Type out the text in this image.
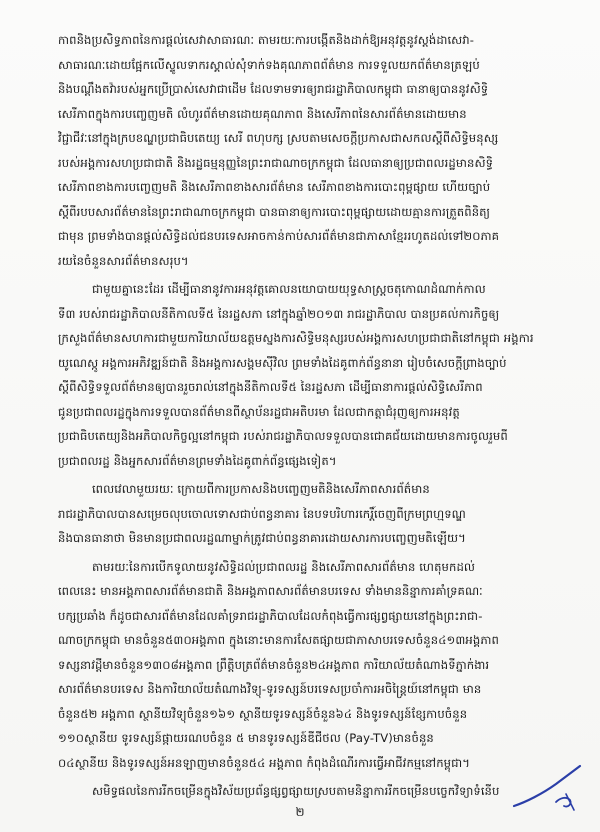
កាពនិងប្រសិទ្ធភាពនៃការផ្តល់សេវាសាធារណៈ តាមរយៈការបង្កើតនិងដាក់ឱ្យអនុវត្តនូវស្តង់ដាសេវា-
សាធារណៈដោយផ្អែកលើស្ទូលទាករស្គាល់សុំទាក់ទងគុណភាពព័ត៌មាន ការទទួលយកព័ត៌មានត្រឡប់
និងបណ្តឹងតវ៉ារបស់អ្នកប្រើប្រាស់សេវាជាដើម ដែលទាមទារឲ្យរាជរដ្ឋាភិបាលកម្ពុជា ធានាឲ្យបាននូវសិទ្ធិ
សេរីភាពក្នុងការបញ្ចេញមតិ លំហូរព័ត៌មានដោយគុណភាព និងសេរីភាពនៃសារព័ត៌មានដោយមាន
វិជ្ជាជីវៈនៅក្នុងក្របខណ្ឌប្រជាធិបតេយ្យ សេរី ពហុបក្ស ស្របតាមសេចក្តីប្រកាសជាសកលស្តីពីសិទ្ធិមនុស្ស
របស់អង្គការសហប្រជាជាតិ និងរដ្ឋធម្មនុញ្ញនៃព្រះរាជាណាចក្រកម្ពុជា ដែលធានាឲ្យប្រជាពលរដ្ឋមានសិទ្ធិ
សេរីភាពខាងការបញ្ចេញមតិ និងសេរីភាពខាងសារព័ត៌មាន សេរីភាពខាងការបោះពុម្ពផ្សាយ ហើយច្បាប់
ស្តីពីរបបសារព័ត៌មាននៃព្រះរាជាណាចក្រកម្ពុជា បានធានាឲ្យការបោះពុម្ពផ្សាយដោយគ្មានការត្រួតពិនិត្យ
ជាមុន ព្រមទាំងបានផ្តល់សិទ្ធិដល់ជនបរទេសអាចកាន់កាប់សារព័ត៌មានជាភាសាខ្មែររហូតដល់ទៅ២០ភាគ
រយនៃចំនួនសារព័ត៌មានសរុប។
ជាមួយគ្នានេះដែរ ដើម្បីធានានូវការអនុវត្តគោលនយោបាយយុទ្ធសាស្ត្រចតុកោណដំណាក់កាល
ទី៣ របស់រាជរដ្ឋាភិបាលនីតិកាលទី៥ នៃរដ្ឋសភា នៅក្នុងឆ្នាំ២០១៣ រាជរដ្ឋាភិបាល បានប្រគល់ការកិច្ចឲ្យ
ក្រសួងព័ត៌មានសហការជាមួយការិយាល័យឧត្តមស្នងការសិទ្ធិមនុស្សរបស់អង្គការសហប្រជាជាតិនៅកម្ពុជា អង្គការ
យូណេស្កូ អង្គការអភិវឌ្ឍន៍ជាតិ និងអង្គការសង្គមស៊ីវិល ព្រមទាំងដៃគូពាក់ព័ន្ធនានា រៀបចំសេចក្តីព្រាងច្បាប់
ស្តីពីសិទ្ធិទទួលព័ត៌មានឲ្យបានរួចរាល់នៅក្នុងនីតិកាលទី៥ នៃរដ្ឋសភា ដើម្បីធានាការផ្តល់សិទ្ធិសេរីភាព
ជូនប្រជាពលរដ្ឋក្នុងការទទួលបានព័ត៌មានពីស្ថាប័នរដ្ឋជាអតិបរមា ដែលជាកត្តាជំរុញឲ្យការអនុវត្ត
ប្រជាធិបតេយ្យនិងអភិបាលកិច្ចល្អនៅកម្ពុជា របស់រាជរដ្ឋាភិបាលទទួលបានជោគជ័យដោយមានការចូលរួមពី
ប្រជាពលរដ្ឋ និងអ្នកសារព័ត៌មានព្រមទាំងដៃគូពាក់ព័ន្ធផ្សេងទៀត។
ពេលវេលាមួយរយៈ ក្រោយពីការប្រកាសនិងបញ្ចេញមតិនិងសេរីភាពសារព័ត៌មាន
រាជរដ្ឋាភិបាលបានសម្រេចលុបចោលទោសជាប់ពន្ធនាគារ នៃបទបរិហារកេរ្តិ៍ចេញពីក្រមព្រហ្មទណ្ឌ
និងបានធានាថា មិនមានប្រជាពលរដ្ឋណាម្នាក់ត្រូវជាប់ពន្ធនាគារដោយសារការបញ្ចេញមតិឡើយ។
តាមរយៈនៃការបើកទូលាយនូវសិទ្ធិដល់ប្រជាពលរដ្ឋ និងសេរីភាពសារព័ត៌មាន ហេតុមកដល់
ពេលនេះ មានអង្គភាពសារព័ត៌មានជាតិ និងអង្គភាពសារព័ត៌មានបរទេស ទាំងមាននិន្នាការគាំទ្រគណៈ
បក្សប្រឆាំង ក៏ដូចជាសារព័ត៌មានដែលគាំទ្ររាជរដ្ឋាភិបាលដែលកំពុងធ្វើការផ្សព្វផ្សាយនៅក្នុងព្រះរាជា-
ណាចក្រកម្ពុជា មានចំនួន៥៣០អង្គភាព ក្នុងនោះមានការសែតផ្សាយជាភាសាបរទេសចំនួន៤១៣អង្គភាព
ទស្សនាវដ្តីមានចំនួន១៣០៨អង្គភាព ព្រឹត្តិបត្រព័ត៌មានចំនួន២៤អង្គភាព ការិយាល័យតំណាងទីភ្នាក់ងារ
សារព័ត៌មានបរទេស និងការិយាល័យតំណាងវិទ្យុ-ទូរទស្សន៍បរទេសប្រចាំការអចិន្ត្រៃយ៍នៅកម្ពុជា មាន
ចំនួន៥២ អង្គភាព ស្ថានីយវិទ្យុចំនួន១៦១ ស្ថានីយទូរទស្សន៍ចំនួន៦៤ និងទូរទស្សន៍ខ្សែកាបចំនួន
១១០ស្ថានីយ ទូរទស្សន៍ផ្កាយរណបចំនួន ៥ មានទូរទស្សន៍ឌីជីថល (Pay-TV)មានចំនួន
០៤ស្ថានីយ និងទូរទស្សន៍អនឡាញមានចំនួន៥៤ អង្គភាព កំពុងដំណើរការធ្វើអាជីវកម្មនៅកម្ពុជា។
សមិទ្ធផលនៃការរីកចម្រើនក្នុងវិស័យប្រព័ន្ធផ្សព្វផ្សាយស្របតាមនិន្នាការរីកចម្រើនបច្ចេកវិទ្យាទំនើប
២
